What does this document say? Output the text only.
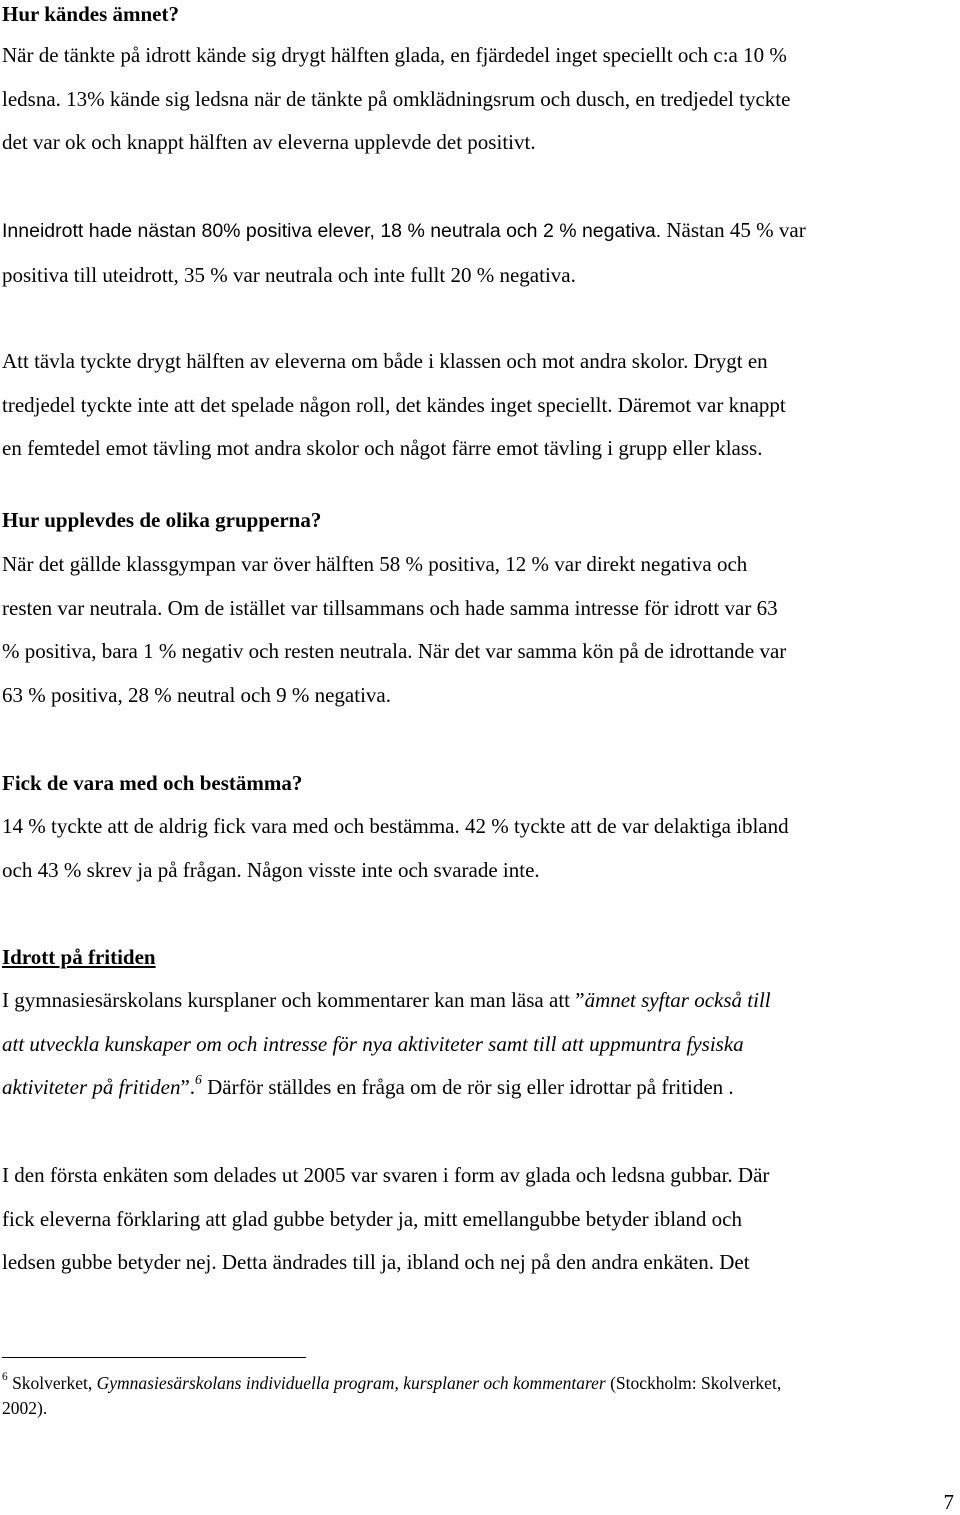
Hur kändes ämnet?

När de tänkte på idrott kände sig drygt hälften glada, en fjärdedel inget speciellt och c:a 10 %
ledsna. 13% kände sig ledsna när de tänkte på omklädningsrum och dusch, en tredjedel tyckte
det var ok och knappt hälften av eleverna upplevde det positivt.

Inneidrott hade nästan 80% positiva elever, 18 % neutrala och 2 % negativa. Nästan 45 % var
positiva till uteidrott, 35 % var neutrala och inte fullt 20 % negativa.

Att tävla tyckte drygt hälften av eleverna om både i klassen och mot andra skolor. Drygt en
tredjedel tyckte inte att det spelade någon roll, det kändes inget speciellt. Däremot var knappt
en femtedel emot tävling mot andra skolor och något färre emot tävling i grupp eller klass.

Hur upplevdes de olika grupperna?

När det gällde klassgympan var över hälften 58 % positiva, 12 % var direkt negativa och
resten var neutrala. Om de istället var tillsammans och hade samma intresse för idrott var 63
% positiva, bara 1 % negativ och resten neutrala. När det var samma kön på de idrottande var
63 % positiva, 28 % neutral och 9 % negativa.

Fick de vara med och bestämma?

14 % tyckte att de aldrig fick vara med och bestämma. 42 % tyckte att de var delaktiga ibland
och 43 % skrev ja på frågan. Någon visste inte och svarade inte.

Idrott på fritiden

I gymnasiesärskolans kursplaner och kommentarer kan man läsa att ”ämnet syftar också till
att utveckla kunskaper om och intresse för nya aktiviteter samt till att uppmuntra fysiska
aktiviteter på fritiden”.$^6$ Därför ställdes en fråga om de rör sig eller idrottar på fritiden .

I den första enkäten som delades ut 2005 var svaren i form av glada och ledsna gubbar. Där
fick eleverna förklaring att glad gubbe betyder ja, mitt emellangubbe betyder ibland och
ledsen gubbe betyder nej. Detta ändrades till ja, ibland och nej på den andra enkäten. Det

$^6$ Skolverket, Gymnasiesärskolans individuella program, kursplaner och kommentarer (Stockholm: Skolverket,
2002).

7
